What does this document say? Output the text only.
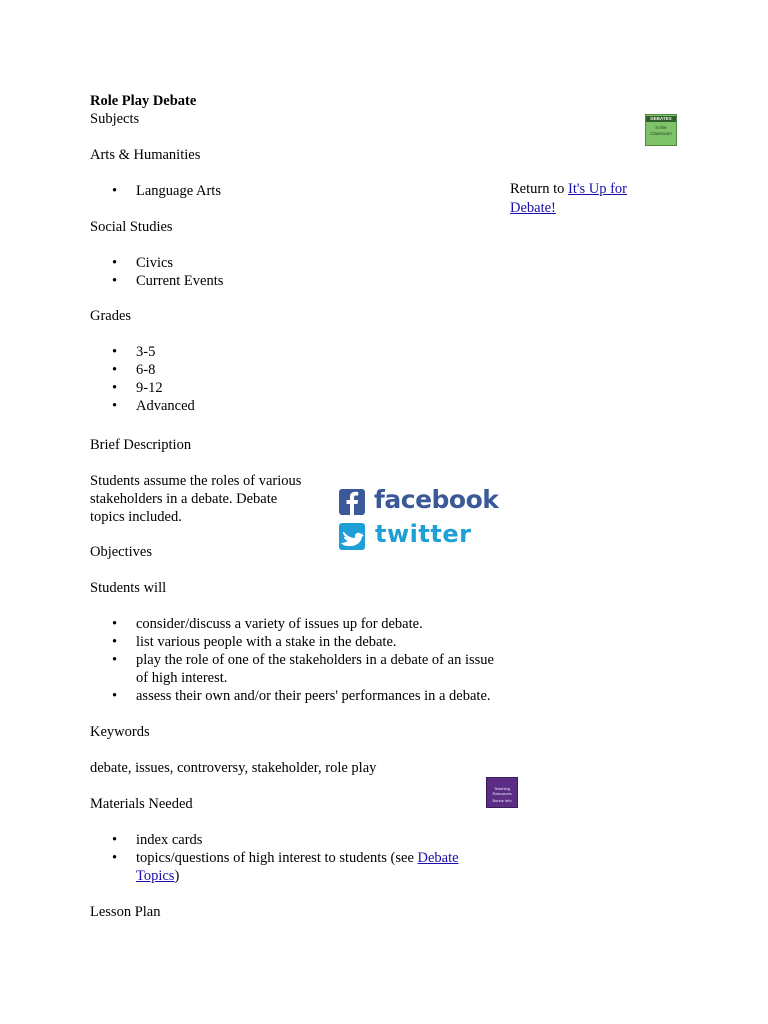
Role Play Debate
Subjects
Arts & Humanities
•	Language Arts
Social Studies
•	Civics
•	Current Events
Grades
•	3-5
•	6-8
•	9-12
•	Advanced
Brief Description
Students assume the roles of various
stakeholders in a debate. Debate
topics included.
Objectives
Students will
•	consider/discuss a variety of issues up for debate.
•	list various people with a stake in the debate.
•	play the role of one of the stakeholders in a debate of an issue
of high interest.
•	assess their own and/or their peers' performances in a debate.
Keywords
debate, issues, controversy, stakeholder, role play
Materials Needed
•	index cards
•	topics/questions of high interest to students (see Debate
Topics)
Lesson Plan
DEBATES
in the
Classroom
Return to It's Up for
Debate!
facebook
twitter
Teaching Resources
Bonus Info
